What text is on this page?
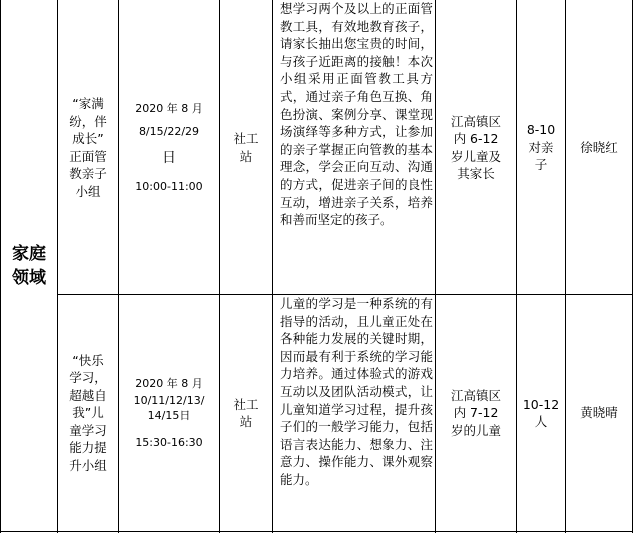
家庭
领域
“家满
纷，伴
成长”
正面管
教亲子
小组
2020 年 8 月
8/15/22/29
日
10:00-11:00
社工
站
想学习两个及以上的正面管教工具，有效地教育孩子，请家长抽出您宝贵的时间，与孩子近距离的接触！本次小组采用正面管教工具方式，通过亲子角色互换、角色扮演、案例分享、课堂现场演绎等多种方式，让参加的亲子掌握正向管教的基本理念，学会正向互动、沟通的方式，促进亲子间的良性互动，增进亲子关系，培养和善而坚定的孩子。
江高镇区
内 6-12
岁儿童及
其家长
8-10
对亲
子
徐晓红
“快乐
学习，
超越自
我”儿
童学习
能力提
升小组
2020 年 8 月
10/11/12/13/
14/15日
15:30-16:30
社工
站
儿童的学习是一种系统的有指导的活动，且儿童正处在各种能力发展的关键时期，因而最有利于系统的学习能力培养。通过体验式的游戏互动以及团队活动模式，让儿童知道学习过程，提升孩子们的一般学习能力，包括语言表达能力、想象力、注意力、操作能力、课外观察能力。
江高镇区
内 7-12
岁的儿童
10-12
人
黄晓晴
